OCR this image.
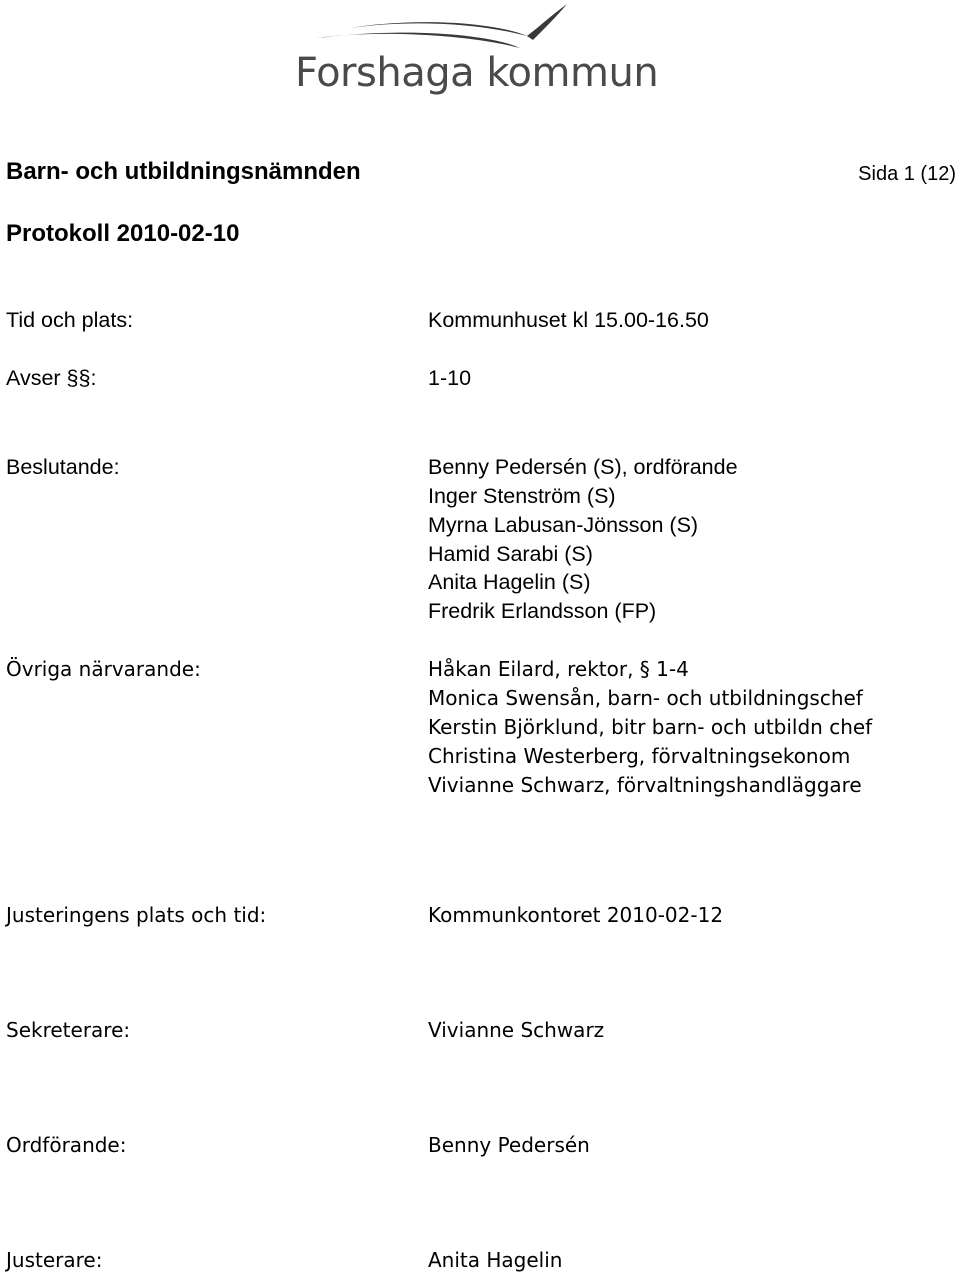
Forshaga kommun
Barn- och utbildningsnämnden	Sida 1 (12)
Protokoll 2010-02-10
Tid och plats:	Kommunhuset kl 15.00-16.50
Avser §§:	1-10
Beslutande:	Benny Pedersén (S), ordförande
Inger Stenström (S)
Myrna Labusan-Jönsson (S)
Hamid Sarabi (S)
Anita Hagelin (S)
Fredrik Erlandsson (FP)
Övriga närvarande:	Håkan Eilard, rektor, § 1-4
Monica Swensån, barn- och utbildningschef
Kerstin Björklund, bitr barn- och utbildn chef
Christina Westerberg, förvaltningsekonom
Vivianne Schwarz, förvaltningshandläggare
Justeringens plats och tid:	Kommunkontoret 2010-02-12
Sekreterare:	Vivianne Schwarz
Ordförande:	Benny Pedersén
Justerare:	Anita Hagelin
